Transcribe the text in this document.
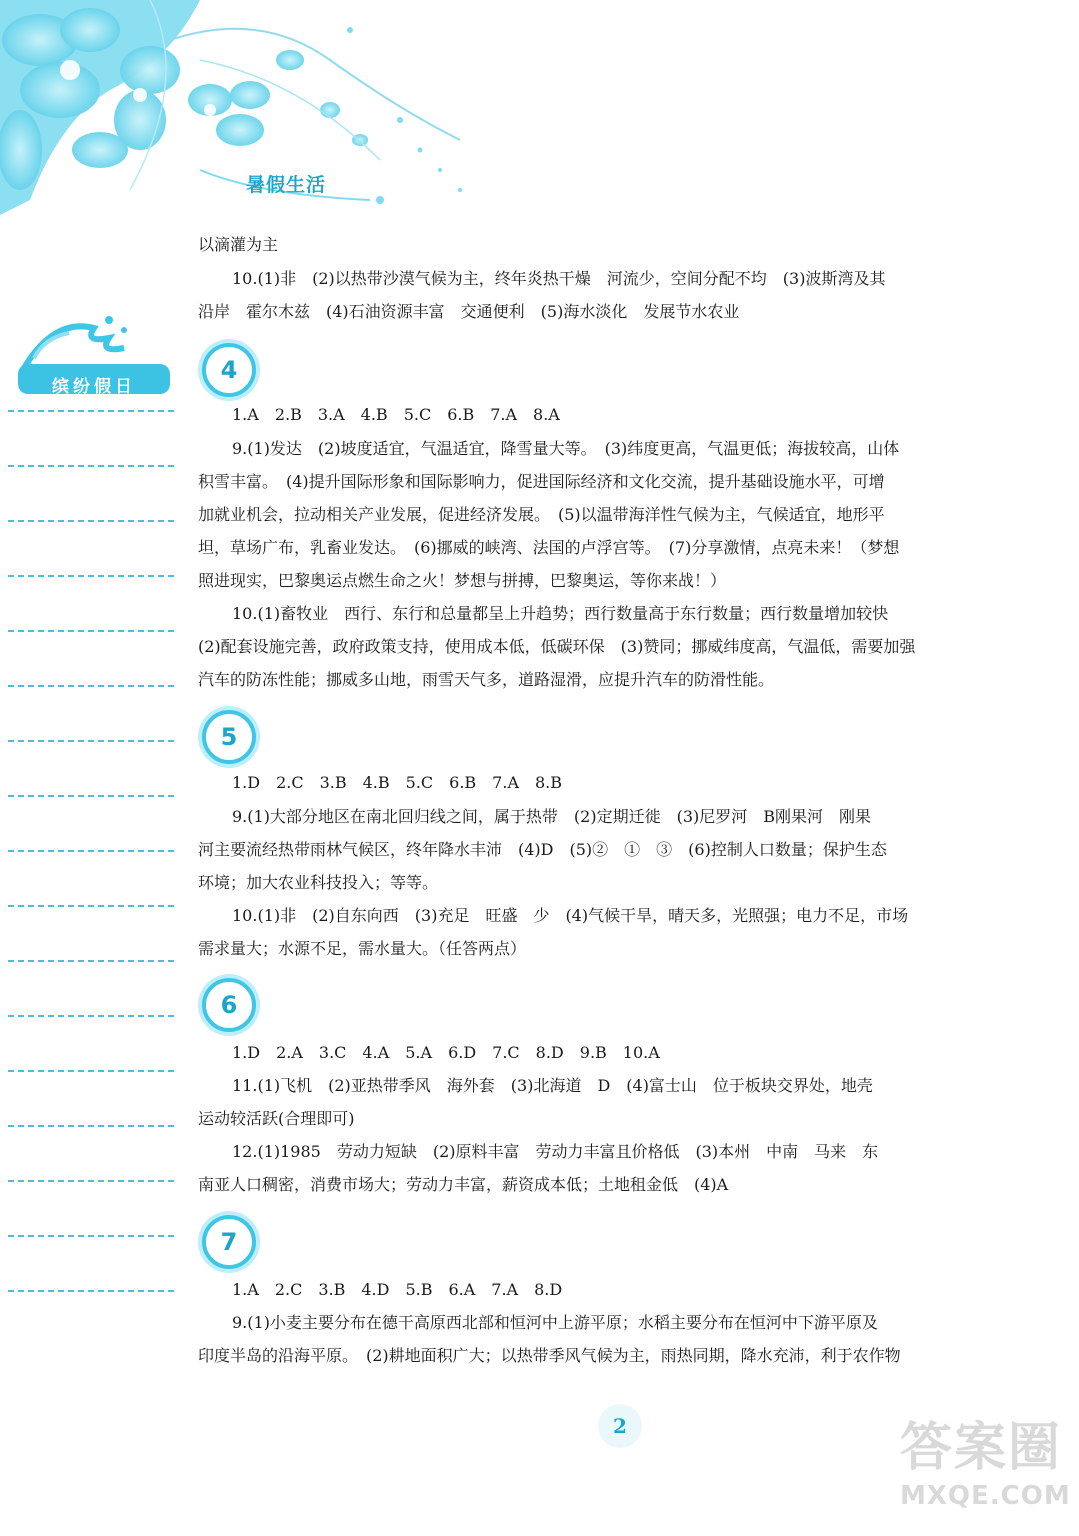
暑假生活
缤纷假日
4
5
6
7
以滴灌为主
10.(1)非　(2)以热带沙漠气候为主，终年炎热干燥　河流少，空间分配不均　(3)波斯湾及其
沿岸　霍尔木兹　(4)石油资源丰富　交通便利　(5)海水淡化　发展节水农业
1.A　2.B　3.A　4.B　5.C　6.B　7.A　8.A
9.(1)发达　(2)坡度适宜，气温适宜，降雪量大等。　(3)纬度更高，气温更低；海拔较高，山体
积雪丰富。　(4)提升国际形象和国际影响力，促进国际经济和文化交流，提升基础设施水平，可增
加就业机会，拉动相关产业发展，促进经济发展。　(5)以温带海洋性气候为主，气候适宜，地形平
坦，草场广布，乳畜业发达。　(6)挪威的峡湾、法国的卢浮宫等。　(7)分享激情，点亮未来！（梦想
照进现实，巴黎奥运点燃生命之火！梦想与拼搏，巴黎奥运，等你来战！）
10.(1)畜牧业　西行、东行和总量都呈上升趋势；西行数量高于东行数量；西行数量增加较快
(2)配套设施完善，政府政策支持，使用成本低，低碳环保　(3)赞同；挪威纬度高，气温低，需要加强
汽车的防冻性能；挪威多山地，雨雪天气多，道路湿滑，应提升汽车的防滑性能。
1.D　2.C　3.B　4.B　5.C　6.B　7.A　8.B
9.(1)大部分地区在南北回归线之间，属于热带　(2)定期迁徙　(3)尼罗河　B刚果河　刚果
河主要流经热带雨林气候区，终年降水丰沛　(4)D　(5)②　①　③　(6)控制人口数量；保护生态
环境；加大农业科技投入；等等。
10.(1)非　(2)自东向西　(3)充足　旺盛　少　(4)气候干旱，晴天多，光照强；电力不足，市场
需求量大；水源不足，需水量大。（任答两点）
1.D　2.A　3.C　4.A　5.A　6.D　7.C　8.D　9.B　10.A
11.(1)飞机　(2)亚热带季风　海外套　(3)北海道　D　(4)富士山　位于板块交界处，地壳
运动较活跃(合理即可)
12.(1)1985　劳动力短缺　(2)原料丰富　劳动力丰富且价格低　(3)本州　中南　马来　东
南亚人口稠密，消费市场大；劳动力丰富，薪资成本低；土地租金低　(4)A
1.A　2.C　3.B　4.D　5.B　6.A　7.A　8.D
9.(1)小麦主要分布在德干高原西北部和恒河中上游平原；水稻主要分布在恒河中下游平原及
印度半岛的沿海平原。　(2)耕地面积广大；以热带季风气候为主，雨热同期，降水充沛，利于农作物
2	答案圈
MXQE.COM
